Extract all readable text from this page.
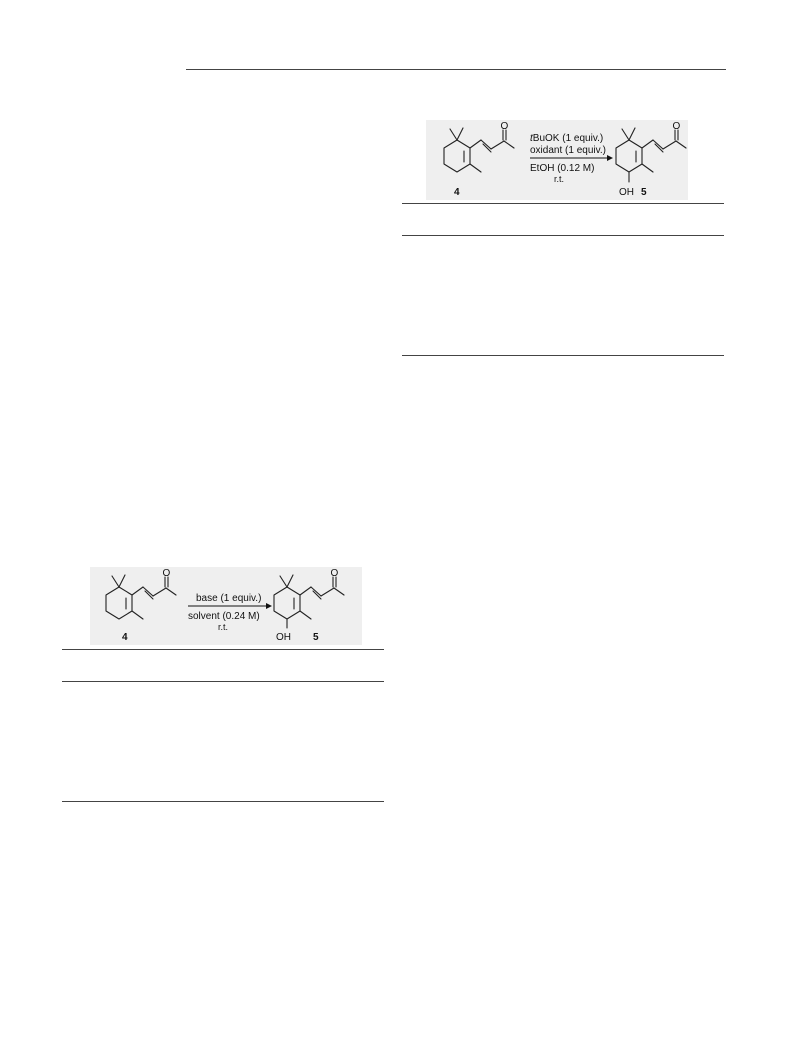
O
4
tBuOK (1 equiv.)
oxidant (1 equiv.)
EtOH (0.12 M)
r.t.
O
OH 5
O
4
base (1 equiv.)
solvent (0.24 M)
r.t.
O
OH 5
